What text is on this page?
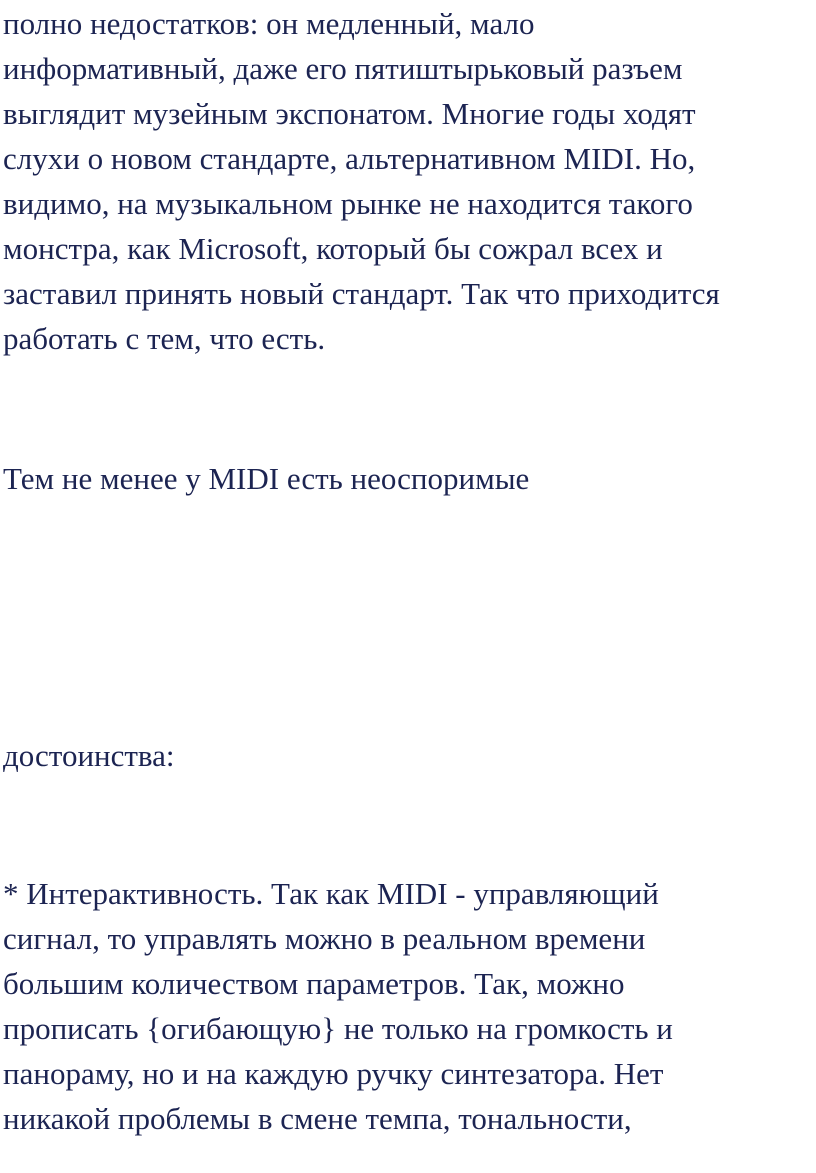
полно недостатков: он медленный, мало
информативный, даже его пятиштырьковый разъем
выглядит музейным экспонатом. Многие годы ходят
слухи о новом стандарте, альтернативном MIDI. Но,
видимо, на музыкальном рынке не находится такого
монстра, как Microsoft, который бы сожрал всех и
заставил принять новый стандарт. Так что приходится
работать с тем, что есть.
Тем не менее у MIDI есть неоспоримые
достоинства:
* Интерактивность. Так как MIDI - управляющий
сигнал, то управлять можно в реальном времени
большим количеством параметров. Так, можно
прописать {огибающую} не только на громкость и
панораму, но и на каждую ручку синтезатора. Нет
никакой проблемы в смене темпа, тональности,
